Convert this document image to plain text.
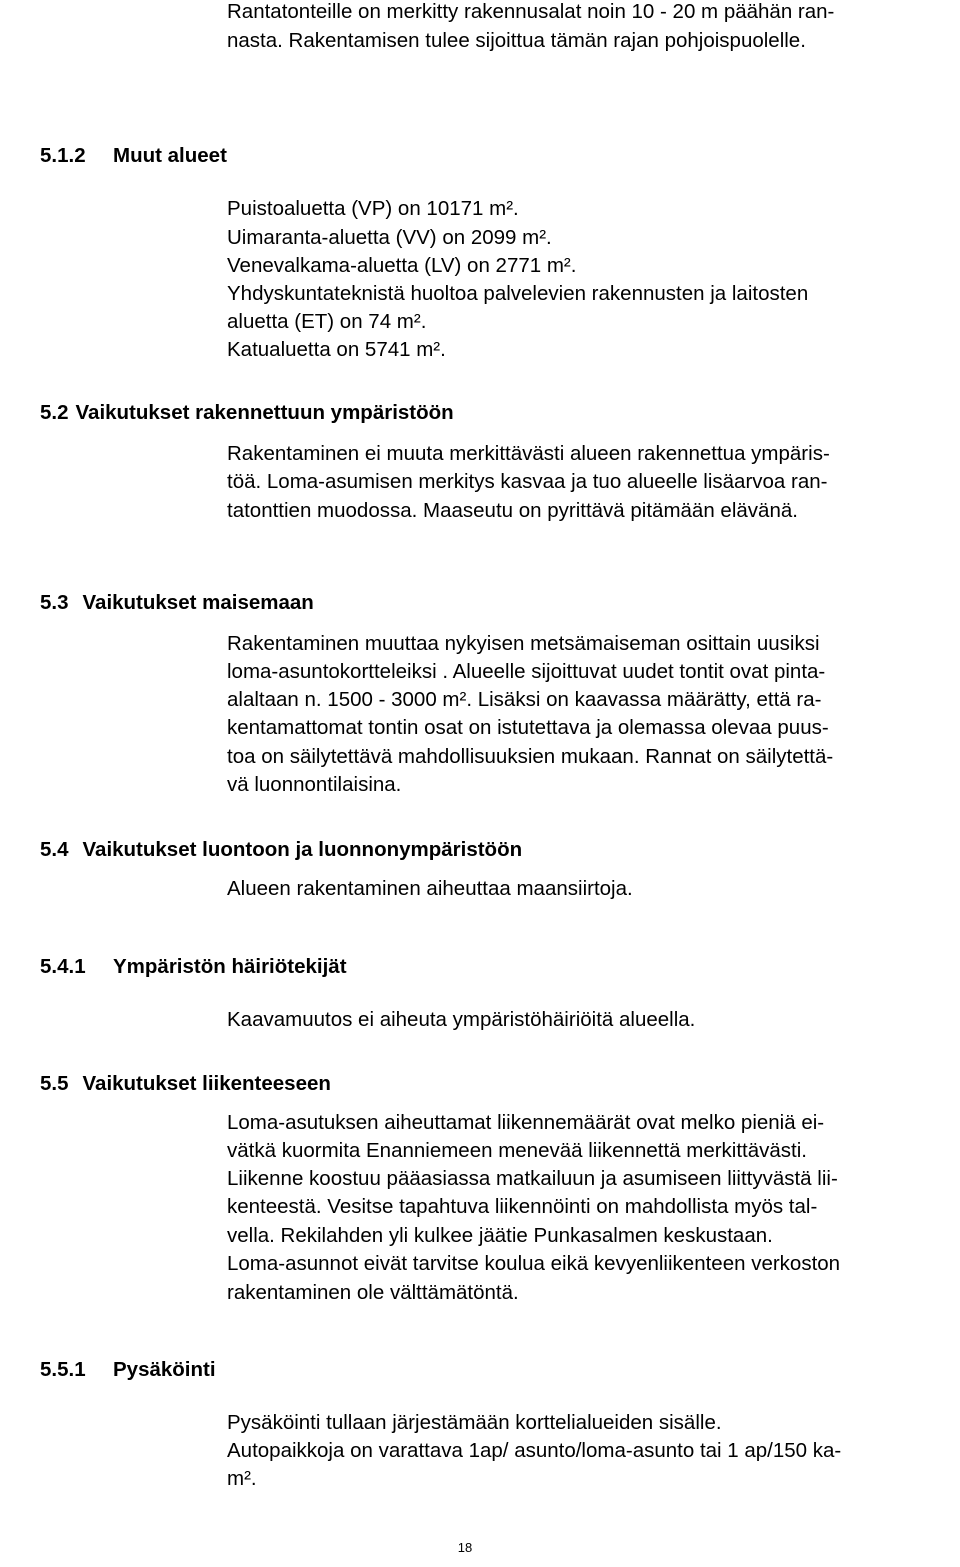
Rantatonteille on merkitty rakennusalat noin 10 - 20 m päähän ran-

nasta. Rakentamisen tulee sijoittua tämän rajan pohjoispuolelle.

5.1.2 Muut alueet

Puistoaluetta (VP) on 10171 m².

Uimaranta-aluetta (VV) on 2099 m².

Venevalkama-aluetta (LV) on 2771 m².

Yhdyskuntateknistä huoltoa palvelevien rakennusten ja laitosten

aluetta (ET) on 74 m².

Katualuetta on 5741 m².

5.2 Vaikutukset rakennettuun ympäristöön

Rakentaminen ei muuta merkittävästi alueen rakennettua ympäris-

töä. Loma-asumisen merkitys kasvaa ja tuo alueelle lisäarvoa ran-

tatonttien muodossa. Maaseutu on pyrittävä pitämään elävänä.

5.3 Vaikutukset maisemaan

Rakentaminen muuttaa nykyisen metsämaiseman osittain uusiksi

loma-asuntokortteleiksi . Alueelle sijoittuvat uudet tontit ovat pinta-

alaltaan n. 1500 - 3000 m². Lisäksi on kaavassa määrätty, että ra-

kentamattomat tontin osat on istutettava ja olemassa olevaa puus-

toa on säilytettävä mahdollisuuksien mukaan. Rannat on säilytettä-

vä luonnontilaisina.

5.4 Vaikutukset luontoon ja luonnonympäristöön

Alueen rakentaminen aiheuttaa maansiirtoja.

5.4.1 Ympäristön häiriötekijät

Kaavamuutos ei aiheuta ympäristöhäiriöitä alueella.

5.5 Vaikutukset liikenteeseen

Loma-asutuksen aiheuttamat liikennemäärät ovat melko pieniä ei-

vätkä kuormita Enanniemeen menevää liikennettä merkittävästi.

Liikenne koostuu pääasiassa matkailuun ja asumiseen liittyvästä lii-

kenteestä. Vesitse tapahtuva liikennöinti on mahdollista myös tal-

vella. Rekilahden yli kulkee jäätie Punkasalmen keskustaan.

Loma-asunnot eivät tarvitse koulua eikä kevyenliikenteen verkoston

rakentaminen ole välttämätöntä.

5.5.1 Pysäköinti

Pysäköinti tullaan järjestämään korttelialueiden sisälle.

Autopaikkoja on varattava 1ap/ asunto/loma-asunto tai 1 ap/150 ka-

m².

18
